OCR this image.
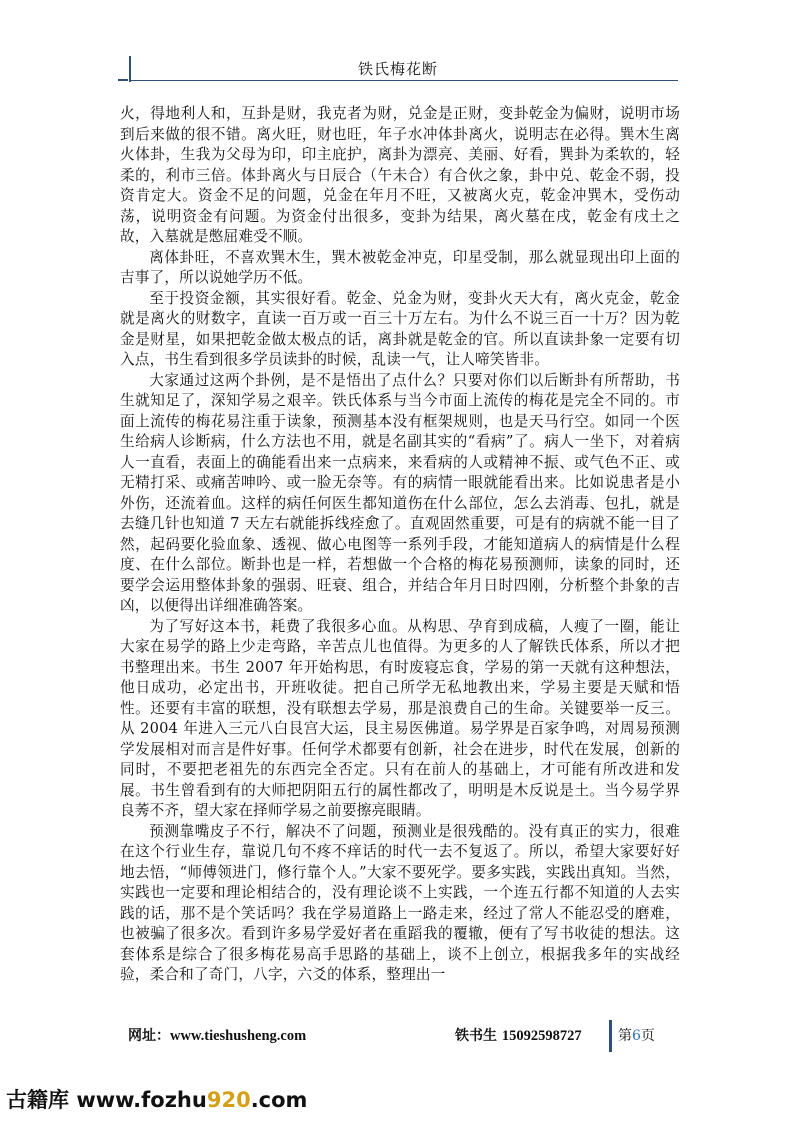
铁氏梅花断

火，得地利人和，互卦是财，我克者为财，兑金是正财，变卦乾金为偏财，说明市场到后来做的很不错。离火旺，财也旺，年子水冲体卦离火，说明志在必得。巽木生离火体卦，生我为父母为印，印主庇护，离卦为漂亮、美丽、好看，巽卦为柔软的，轻柔的，利市三倍。体卦离火与日辰合（午未合）有合伙之象，卦中兑、乾金不弱，投资肯定大。资金不足的问题，兑金在年月不旺，又被离火克，乾金冲巽木，受伤动荡，说明资金有问题。为资金付出很多，变卦为结果，离火墓在戌，乾金有戌土之故，入墓就是憋屈难受不顺。

离体卦旺，不喜欢巽木生，巽木被乾金冲克，印星受制，那么就显现出印上面的吉事了，所以说她学历不低。

至于投资金额，其实很好看。乾金、兑金为财，变卦火天大有，离火克金，乾金就是离火的财数字，直读一百万或一百三十万左右。为什么不说三百一十万？因为乾金是财星，如果把乾金做太极点的话，离卦就是乾金的官。所以直读卦象一定要有切入点，书生看到很多学员读卦的时候，乱读一气，让人啼笑皆非。

大家通过这两个卦例，是不是悟出了点什么？只要对你们以后断卦有所帮助，书生就知足了，深知学易之艰辛。铁氏体系与当今市面上流传的梅花是完全不同的。市面上流传的梅花易注重于读象，预测基本没有框架规则，也是天马行空。如同一个医生给病人诊断病，什么方法也不用，就是名副其实的“看病”了。病人一坐下，对着病人一直看，表面上的确能看出来一点病来，来看病的人或精神不振、或气色不正、或无精打采、或痛苦呻吟、或一脸无奈等。有的病情一眼就能看出来。比如说患者是小外伤，还流着血。这样的病任何医生都知道伤在什么部位，怎么去消毒、包扎，就是去缝几针也知道 7 天左右就能拆线痊愈了。直观固然重要，可是有的病就不能一目了然，起码要化验血象、透视、做心电图等一系列手段，才能知道病人的病情是什么程度、在什么部位。断卦也是一样，若想做一个合格的梅花易预测师，读象的同时，还要学会运用整体卦象的强弱、旺衰、组合，并结合年月日时四刚，分析整个卦象的吉凶，以便得出详细准确答案。

为了写好这本书，耗费了我很多心血。从构思、孕育到成稿，人瘦了一圈，能让大家在易学的路上少走弯路，辛苦点儿也值得。为更多的人了解铁氏体系，所以才把书整理出来。书生 2007 年开始构思，有时废寝忘食，学易的第一天就有这种想法，他日成功，必定出书，开班收徒。把自己所学无私地教出来，学易主要是天赋和悟性。还要有丰富的联想，没有联想去学易，那是浪费自己的生命。关键要举一反三。从 2004 年进入三元八白艮宫大运，艮主易医佛道。易学界是百家争鸣，对周易预测学发展相对而言是件好事。任何学术都要有创新，社会在进步，时代在发展，创新的同时，不要把老祖先的东西完全否定。只有在前人的基础上，才可能有所改进和发展。书生曾看到有的大师把阴阳五行的属性都改了，明明是木反说是土。当今易学界良莠不齐，望大家在择师学易之前要擦亮眼睛。

预测靠嘴皮子不行，解决不了问题，预测业是很残酷的。没有真正的实力，很难在这个行业生存，靠说几句不疼不痒话的时代一去不复返了。所以，希望大家要好好地去悟，“师傅领进门，修行靠个人。”大家不要死学。要多实践，实践出真知。当然，实践也一定要和理论相结合的，没有理论谈不上实践，一个连五行都不知道的人去实践的话，那不是个笑话吗？我在学易道路上一路走来，经过了常人不能忍受的磨难，也被骗了很多次。看到许多易学爱好者在重蹈我的覆辙，便有了写书收徒的想法。这套体系是综合了很多梅花易高手思路的基础上，谈不上创立，根据我多年的实战经验，柔合和了奇门，八字，六爻的体系，整理出一

网址：www.tieshusheng.com	铁书生 15092598727	第6页
古籍库 www.fozhu920.com
